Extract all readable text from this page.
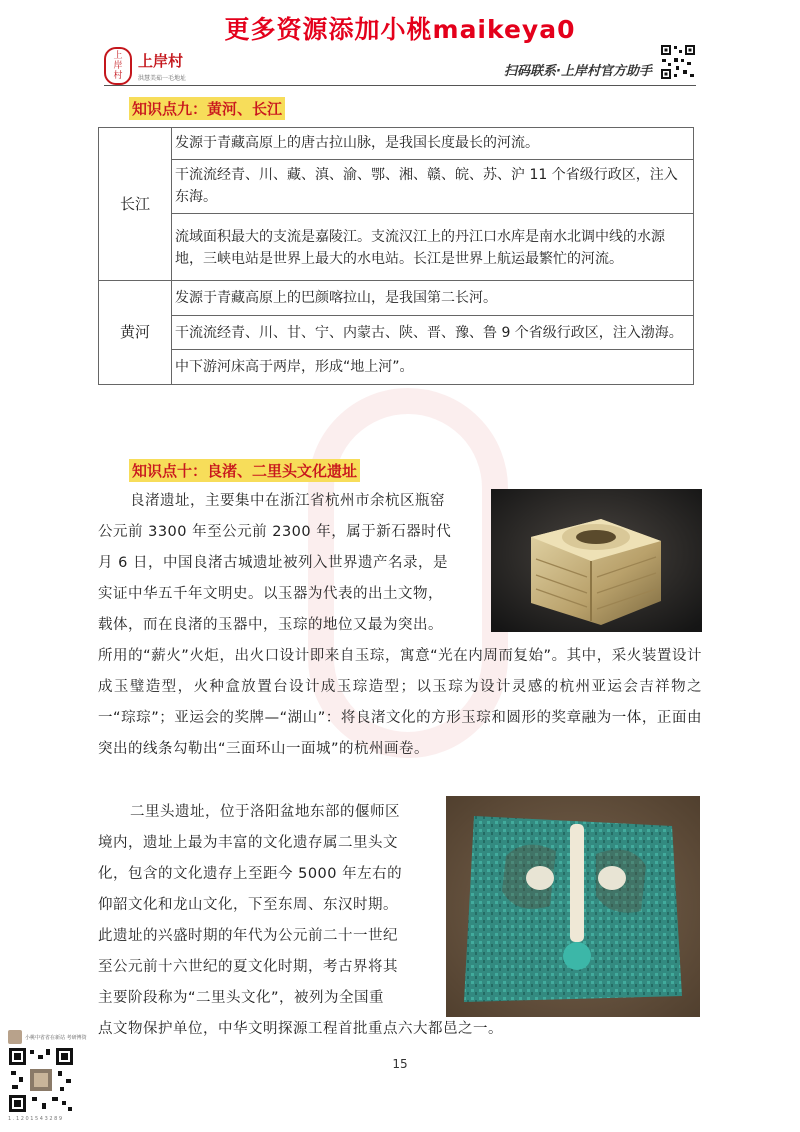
更多资源添加小桃maikeya0
上
岸
村
上岸村
洪慧美茹一毛地址	扫码联系·上岸村官方助手
知识点九：黄河、长江
长江	发源于青藏高原上的唐古拉山脉，是我国长度最长的河流。
	干流流经青、川、藏、滇、渝、鄂、湘、赣、皖、苏、沪 11 个省级行政区，注入东海。
	流域面积最大的支流是嘉陵江。支流汉江上的丹江口水库是南水北调中线的水源地，三峡电站是世界上最大的水电站。长江是世界上航运最繁忙的河流。
黄河	发源于青藏高原上的巴颜喀拉山，是我国第二长河。
	干流流经青、川、甘、宁、内蒙古、陕、晋、豫、鲁 9 个省级行政区，注入渤海。
	中下游河床高于两岸，形成“地上河”。
知识点十：良渚、二里头文化遗址
良渚遗址，主要集中在浙江省杭州市余杭区瓶窑
公元前 3300 年至公元前 2300 年，属于新石器时代
月 6 日，中国良渚古城遗址被列入世界遗产名录，是
实证中华五千年文明史。以玉器为代表的出土文物，
载体，而在良渚的玉器中，玉琮的地位又最为突出。

所用的“薪火”火炬，出火口设计即来自玉琮，寓意“光在内周而复始”。其中，采火装置设计成玉璧造型，火种盒放置台设计成玉琮造型；以玉琮为设计灵感的杭州亚运会吉祥物之一“琮琮”；亚运会的奖牌—“湖山”：将良渚文化的方形玉琮和圆形的奖章融为一体，正面由突出的线条勾勒出“三面环山一面城”的杭州画卷。

二里头遗址，位于洛阳盆地东部的偃师区
境内，遗址上最为丰富的文化遗存属二里头文
化，包含的文化遗存上至距今 5000 年左右的
仰韶文化和龙山文化，下至东周、东汉时期。
此遗址的兴盛时期的年代为公元前二十一世纪
至公元前十六世纪的夏文化时期，考古界将其
主要阶段称为“二里头文化”，被列为全国重
点文物保护单位，中华文明探源工程首批重点六大都邑之一。
15
小桃中省省在新站 考研博资
1 . 1 2 0 1 5 4 3 2 8 9
